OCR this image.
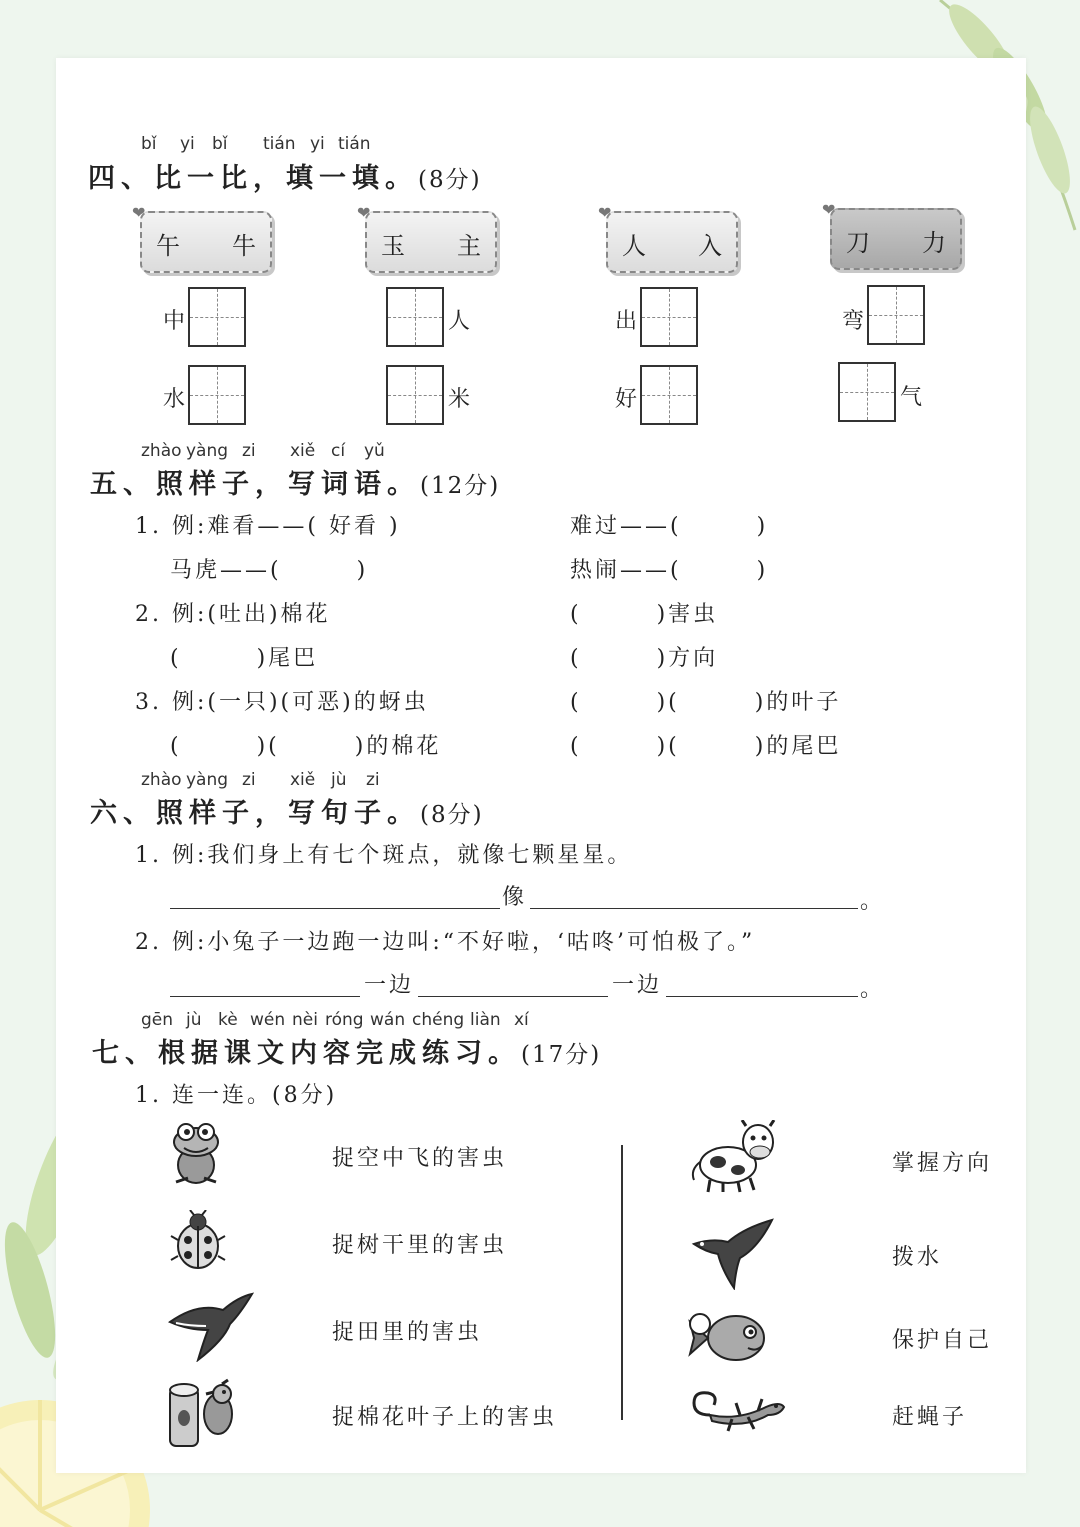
bǐ yi bǐ tián yi tián
四、比一比，填一填。(8分)
❤
午 牛
❤
玉 主
❤
人 入
❤
刀 力
中
水
人
米
出
好
弯
气
zhào yàng zi xiě cí yǔ
五、照样子，写词语。(12分)
1. 例:难看——( 好看 )	难过——(　　　)
马虎——(　　　)	热闹——(　　　)
2. 例:(吐出)棉花	(　　　)害虫
(　　　)尾巴	(　　　)方向
3. 例:(一只)(可恶)的蚜虫	(　　　)(　　　)的叶子
(　　　)(　　　)的棉花	(　　　)(　　　)的尾巴
zhào yàng zi xiě jù zi
六、照样子，写句子。(8分)
1. 例:我们身上有七个斑点，就像七颗星星。
像	。
2. 例:小兔子一边跑一边叫:“不好啦，‘咕咚’可怕极了。”
一边	一边	。
gēn jù kè wén nèi róng wán chéng liàn xí
七、根据课文内容完成练习。(17分)
1. 连一连。(8分)
捉空中飞的害虫
捉树干里的害虫
捉田里的害虫
捉棉花叶子上的害虫
掌握方向
拨水
保护自己
赶蝇子
